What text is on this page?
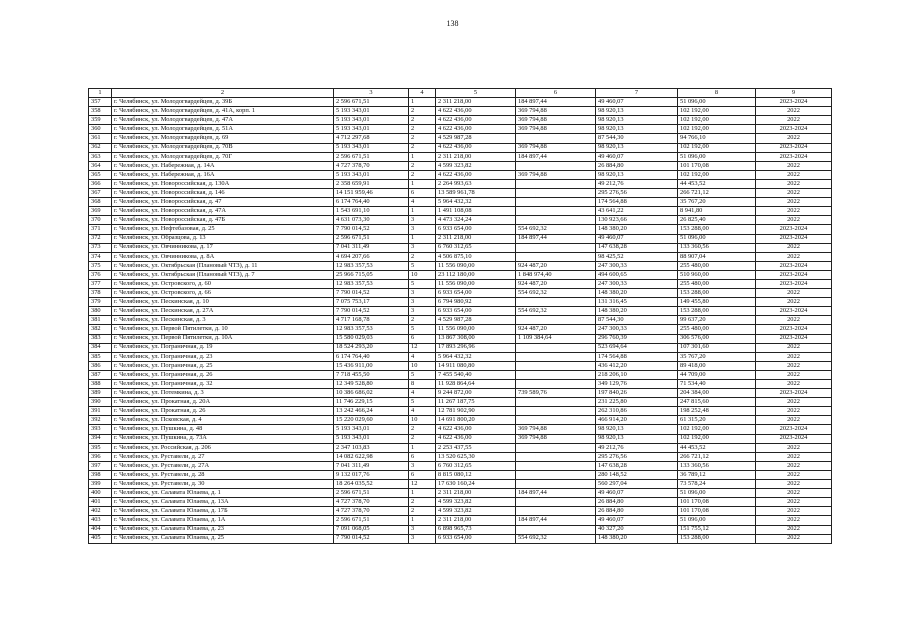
138
1	2	3	4	5	6	7	8	9
357	г. Челябинск, ул. Молодогвардейцев, д. 39Б	2 596 671,51	1	2 311 218,00	184 897,44	49 460,07	51 096,00	2023-2024
358	г. Челябинск, ул. Молодогвардейцев, д. 41А, корп. 1	5 193 343,01	2	4 622 436,00	369 794,88	98 920,13	102 192,00	2022
359	г. Челябинск, ул. Молодогвардейцев, д. 47А	5 193 343,01	2	4 622 436,00	369 794,88	98 920,13	102 192,00	2022
360	г. Челябинск, ул. Молодогвардейцев, д. 51А	5 193 343,01	2	4 622 436,00	369 794,88	98 920,13	102 192,00	2023-2024
361	г. Челябинск, ул. Молодогвардейцев, д. 69	4 712 297,68	2	4 529 987,28		87 544,30	94 766,10	2022
362	г. Челябинск, ул. Молодогвардейцев, д. 70В	5 193 343,01	2	4 622 436,00	369 794,88	98 920,13	102 192,00	2023-2024
363	г. Челябинск, ул. Молодогвардейцев, д. 70Г	2 596 671,51	1	2 311 218,00	184 897,44	49 460,07	51 096,00	2023-2024
364	г. Челябинск, ул. Набережная, д. 14А	4 727 378,70	2	4 599 323,82		26 884,80	101 170,08	2022
365	г. Челябинск, ул. Набережная, д. 16А	5 193 343,01	2	4 622 436,00	369 794,88	98 920,13	102 192,00	2022
366	г. Челябинск, ул. Новороссийская, д. 130А	2 358 659,91	1	2 264 993,63		49 212,76	44 453,52	2022
367	г. Челябинск, ул. Новороссийская, д. 146	14 151 959,46	6	13 589 961,78		295 276,56	266 721,12	2022
368	г. Челябинск, ул. Новороссийская, д. 47	6 174 764,40	4	5 964 432,32		174 564,88	35 767,20	2022
369	г. Челябинск, ул. Новороссийская, д. 47А	1 543 691,10	1	1 491 108,08		43 641,22	8 941,80	2022
370	г. Челябинск, ул. Новороссийская, д. 47Б	4 631 073,30	3	4 473 324,24		130 923,66	26 825,40	2022
371	г. Челябинск, ул. Нефтебазовая, д. 25	7 790 014,52	3	6 933 654,00	554 692,32	148 380,20	153 288,00	2023-2024
372	г. Челябинск, ул. Образцова, д. 13	2 596 671,51	1	2 311 218,00	184 897,44	49 460,07	51 096,00	2023-2024
373	г. Челябинск, ул. Овчинникова, д. 17	7 041 311,49	3	6 760 312,65		147 638,28	133 360,56	2022
374	г. Челябинск, ул. Овчинникова, д. 8А	4 694 207,66	2	4 506 875,10		98 425,52	88 907,04	2022
375	г. Челябинск, ул. Октябрьская (Плановый ЧТЗ), д. 11	12 983 357,53	5	11 556 090,00	924 487,20	247 300,33	255 480,00	2023-2024
376	г. Челябинск, ул. Октябрьская (Плановый ЧТЗ), д. 7	25 966 715,05	10	23 112 180,00	1 848 974,40	494 600,65	510 960,00	2023-2024
377	г. Челябинск, ул. Островского, д. 60	12 983 357,53	5	11 556 090,00	924 487,20	247 300,33	255 480,00	2023-2024
378	г. Челябинск, ул. Островского, д. 66	7 790 014,52	3	6 933 654,00	554 692,32	148 380,20	153 288,00	2022
379	г. Челябинск, ул. Пескинская, д. 10	7 075 753,17	3	6 794 980,92		131 316,45	149 455,80	2022
380	г. Челябинск, ул. Пескинская, д. 27А	7 790 014,52	3	6 933 654,00	554 692,32	148 380,20	153 288,00	2023-2024
381	г. Челябинск, ул. Пескинская, д. 3	4 717 168,78	2	4 529 987,28		87 544,30	99 637,20	2022
382	г. Челябинск, ул. Первой Пятилетки, д. 10	12 983 357,53	5	11 556 090,00	924 487,20	247 300,33	255 480,00	2023-2024
383	г. Челябинск, ул. Первой Пятилетки, д. 10А	15 580 029,03	6	13 867 308,00	1 109 384,64	296 760,39	306 576,00	2023-2024
384	г. Челябинск, ул. Пограничная, д. 19	18 524 293,20	12	17 893 296,96		523 694,64	107 301,60	2022
385	г. Челябинск, ул. Пограничная, д. 23	6 174 764,40	4	5 964 432,32		174 564,88	35 767,20	2022
386	г. Челябинск, ул. Пограничная, д. 25	15 436 911,00	10	14 911 080,80		436 412,20	89 418,00	2022
387	г. Челябинск, ул. Пограничная, д. 26	7 718 455,50	5	7 455 540,40		218 206,10	44 709,00	2022
388	г. Челябинск, ул. Пограничная, д. 32	12 349 528,80	8	11 928 864,64		349 129,76	71 534,40	2022
389	г. Челябинск, ул. Потемкина, д. 3	10 386 686,02	4	9 244 872,00	739 589,76	197 840,26	204 384,00	2023-2024
390	г. Челябинск, ул. Прокатная, д. 20А	11 746 229,15	5	11 267 187,75		231 225,80	247 815,60	2022
391	г. Челябинск, ул. Прокатная, д. 26	13 242 466,24	4	12 781 902,90		262 310,86	198 252,48	2022
392	г. Челябинск, ул. Псковская, д. 4	15 220 029,60	10	14 691 800,20		466 914,20	61 315,20	2022
393	г. Челябинск, ул. Пушкина, д. 48	5 193 343,01	2	4 622 436,00	369 794,88	98 920,13	102 192,00	2023-2024
394	г. Челябинск, ул. Пушкина, д. 73А	5 193 343,01	2	4 622 436,00	369 794,88	98 920,13	102 192,00	2023-2024
395	г. Челябинск, ул. Российская, д. 206	2 347 103,83	1	2 253 437,55		49 212,76	44 453,52	2022
396	г. Челябинск, ул. Руставели, д. 27	14 082 622,98	6	13 520 625,30		295 276,56	266 721,12	2022
397	г. Челябинск, ул. Руставели, д. 27А	7 041 311,49	3	6 760 312,65		147 638,28	133 360,56	2022
398	г. Челябинск, ул. Руставели, д. 28	9 132 017,76	6	8 815 080,12		280 148,52	36 789,12	2022
399	г. Челябинск, ул. Руставели, д. 30	18 264 035,52	12	17 630 160,24		560 297,04	73 578,24	2022
400	г. Челябинск, ул. Салавата Юлаева, д. 1	2 596 671,51	1	2 311 218,00	184 897,44	49 460,07	51 096,00	2022
401	г. Челябинск, ул. Салавата Юлаева, д. 13А	4 727 378,70	2	4 599 323,82		26 884,80	101 170,08	2022
402	г. Челябинск, ул. Салавата Юлаева, д. 17Б	4 727 378,70	2	4 599 323,82		26 884,80	101 170,08	2022
403	г. Челябинск, ул. Салавата Юлаева, д. 1А	2 596 671,51	1	2 311 218,00	184 897,44	49 460,07	51 096,00	2022
404	г. Челябинск, ул. Салавата Юлаева, д. 23	7 091 068,05	3	6 898 965,73		40 327,20	151 755,12	2022
405	г. Челябинск, ул. Салавата Юлаева, д. 25	7 790 014,52	3	6 933 654,00	554 692,32	148 380,20	153 288,00	2022
